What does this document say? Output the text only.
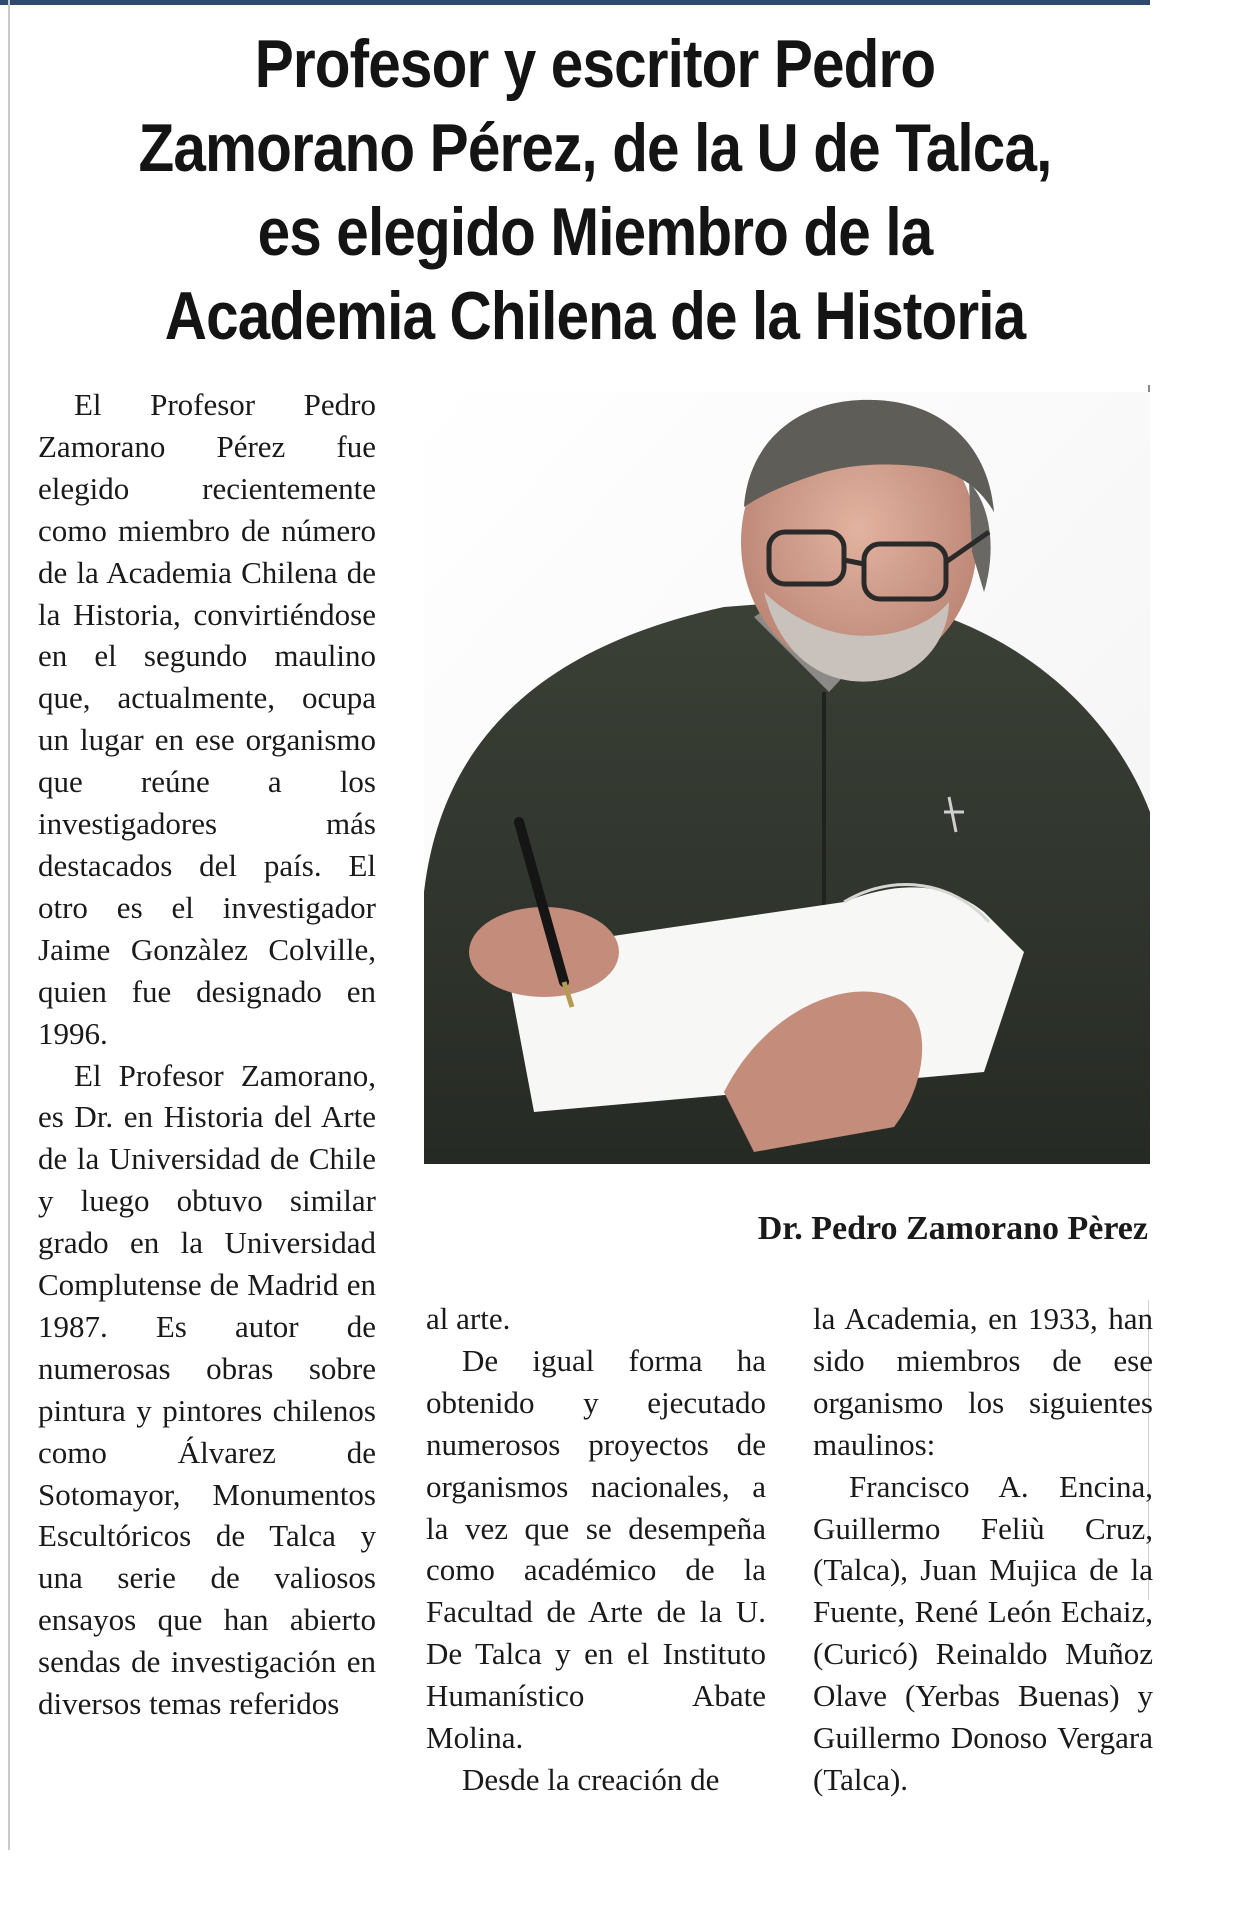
Profesor y escritor Pedro Zamorano Pérez, de la U de Talca, es elegido Miembro de la Academia Chilena de la Historia

El Profesor Pedro Zamorano Pérez fue elegido recientemente como miembro de número de la Academia Chilena de la Historia, convirtiéndose en el segundo maulino que, actualmente, ocupa un lugar en ese organismo que reúne a los investigadores más destacados del país. El otro es el investigador Jaime Gonzàlez Colville, quien fue designado en 1996.

El Profesor Zamorano, es Dr. en Historia del Arte de la Universidad de Chile y luego obtuvo similar grado en la Universidad Complutense de Madrid en 1987. Es autor de numerosas obras sobre pintura y pintores chilenos como Álvarez de Sotomayor, Monumentos Escultóricos de Talca y una serie de valiosos ensayos que han abierto sendas de investigación en diversos temas referidos

Dr. Pedro Zamorano Pèrez

al arte.

De igual forma ha obtenido y ejecutado numerosos proyectos de organismos nacionales, a la vez que se desempeña como académico de la Facultad de Arte de la U. De Talca y en el Instituto Humanístico Abate Molina.

Desde la creación de

la Academia, en 1933, han sido miembros de ese organismo los siguientes maulinos:

Francisco A. Encina, Guillermo Feliù Cruz, (Talca), Juan Mujica de la Fuente, René León Echaiz, (Curicó) Reinaldo Muñoz Olave (Yerbas Buenas) y Guillermo Donoso Vergara (Talca).
